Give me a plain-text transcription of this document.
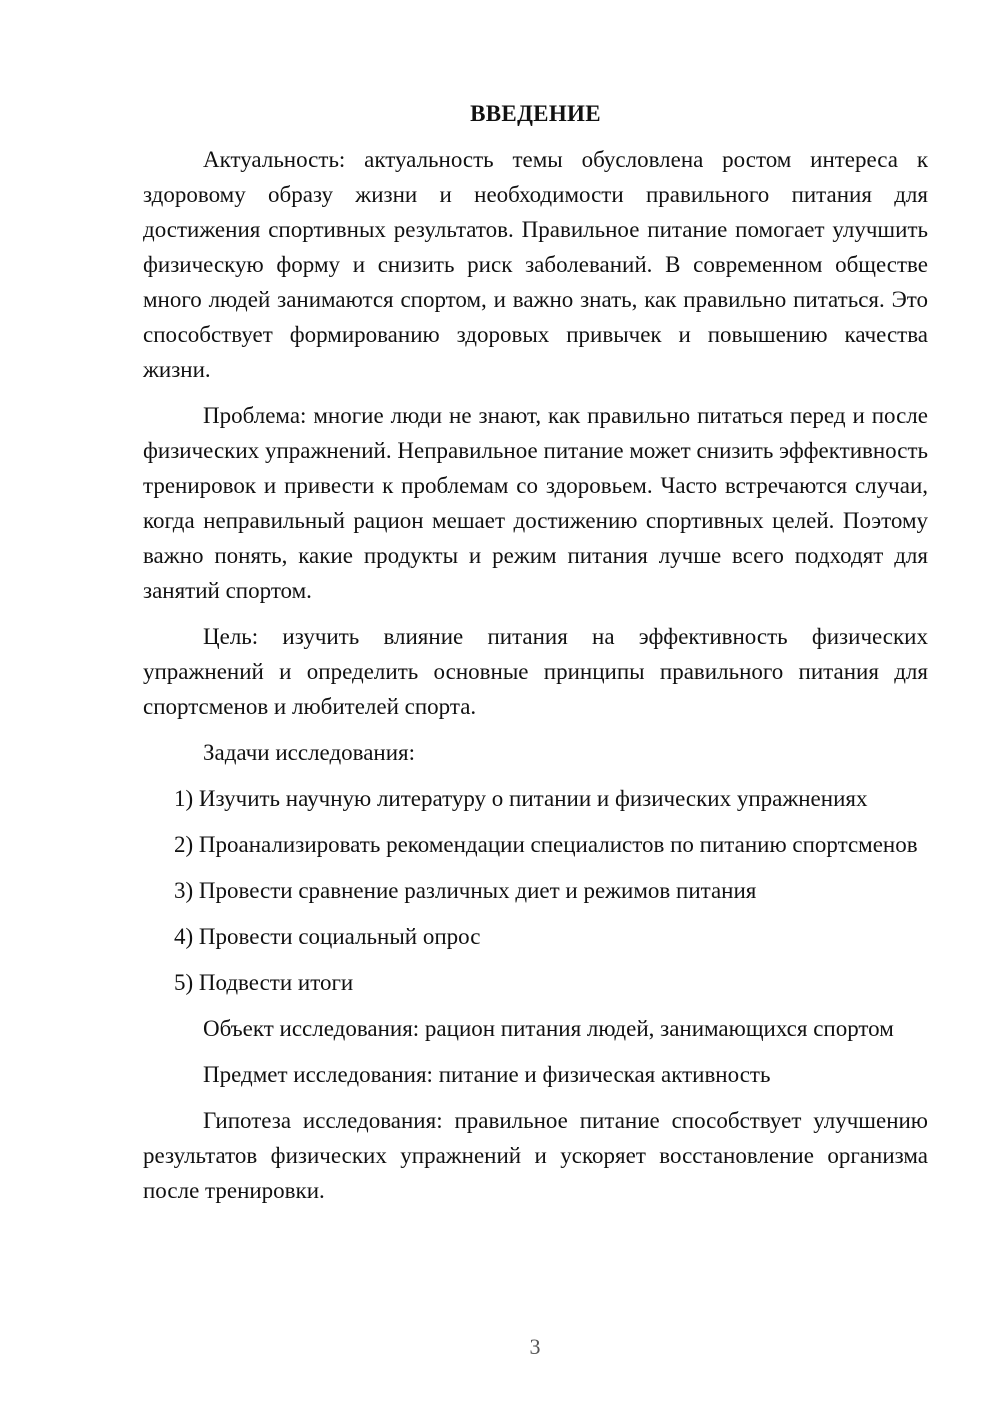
ВВЕДЕНИЕ

Актуальность: актуальность темы обусловлена ростом интереса к здоровому образу жизни и необходимости правильного питания для достижения спортивных результатов. Правильное питание помогает улучшить физическую форму и снизить риск заболеваний. В современном обществе много людей занимаются спортом, и важно знать, как правильно питаться. Это способствует формированию здоровых привычек и повышению качества жизни.

Проблема: многие люди не знают, как правильно питаться перед и после физических упражнений. Неправильное питание может снизить эффективность тренировок и привести к проблемам со здоровьем. Часто встречаются случаи, когда неправильный рацион мешает достижению спортивных целей. Поэтому важно понять, какие продукты и режим питания лучше всего подходят для занятий спортом.

Цель: изучить влияние питания на эффективность физических упражнений и определить основные принципы правильного питания для спортсменов и любителей спорта.

Задачи исследования:

1) Изучить научную литературу о питании и физических упражнениях

2) Проанализировать рекомендации специалистов по питанию спортсменов

3) Провести сравнение различных диет и режимов питания

4) Провести социальный опрос

5) Подвести итоги

Объект исследования: рацион питания людей, занимающихся спортом

Предмет исследования: питание и физическая активность

Гипотеза исследования: правильное питание способствует улучшению результатов физических упражнений и ускоряет восстановление организма после тренировки.

3
